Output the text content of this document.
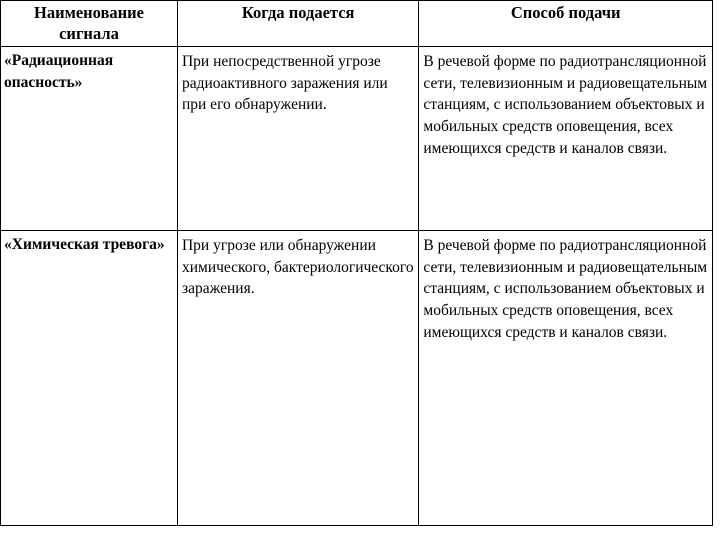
Наименование сигнала	Когда подается	Способ подачи
«Радиационная опасность»	При непосредственной угрозе радиоактивного заражения или при его обнаружении.	В речевой форме по радиотрансляционной сети, телевизионным и радиовещательным станциям, с использованием объектовых и мобильных средств оповещения, всех имеющихся средств и каналов связи.
«Химическая тревога»	При угрозе или обнаружении химического, бактериологического заражения.	В речевой форме по радиотрансляционной сети, телевизионным и радиовещательным станциям, с использованием объектовых и мобильных средств оповещения, всех имеющихся средств и каналов связи.
